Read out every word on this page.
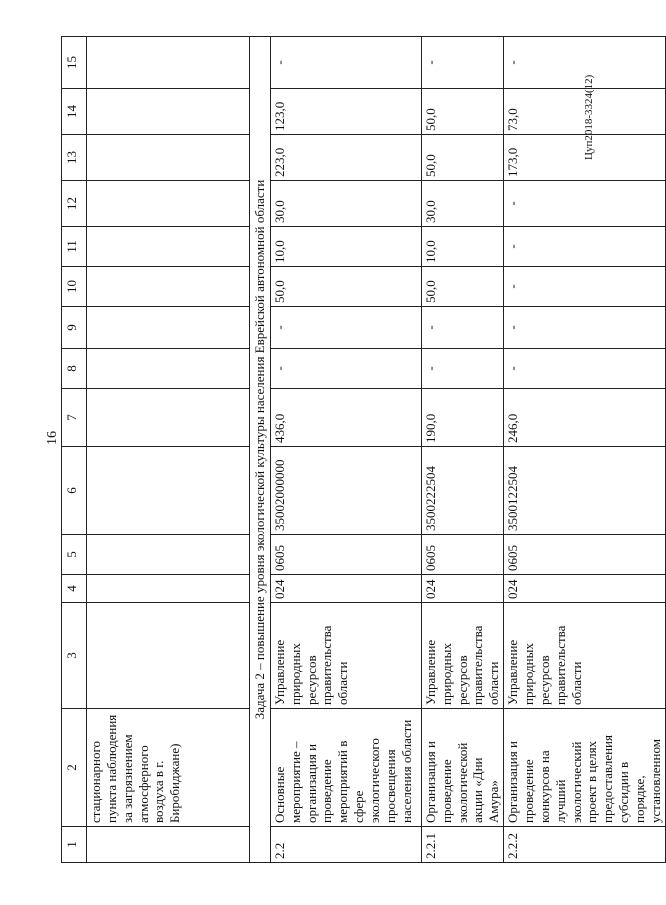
16
Цуп2018-3324(12)
1	2	3	4	5	6	7	8	9	10	11	12	13	14	15
	стационарного пункта наблюдения за загрязнением атмосферного воздуха в г. Биробиджане)													
Задача 2 – повышение уровня экологической культуры населения Еврейской автономной области														
2.2	Основные мероприятие – организация и проведение мероприятий в сфере экологического просвещения населения области	Управление природных ресурсов правительства области	024	0605	35002000000	436,0	-	-	50,0	10,0	30,0	223,0	123,0	-
2.2.1	Организация и проведение экологической акции «Дни Амура»	Управление природных ресурсов правительства области	024	0605	3500222504	190,0	-	-	50,0	10,0	30,0	50,0	50,0	-
2.2.2	Организация и проведение конкурсов на лучший экологический проект в целях предоставления субсидии в порядке, установленном	Управление природных ресурсов правительства области	024	0605	3500122504	246,0	-	-	-	-	-	173,0	73,0	-
